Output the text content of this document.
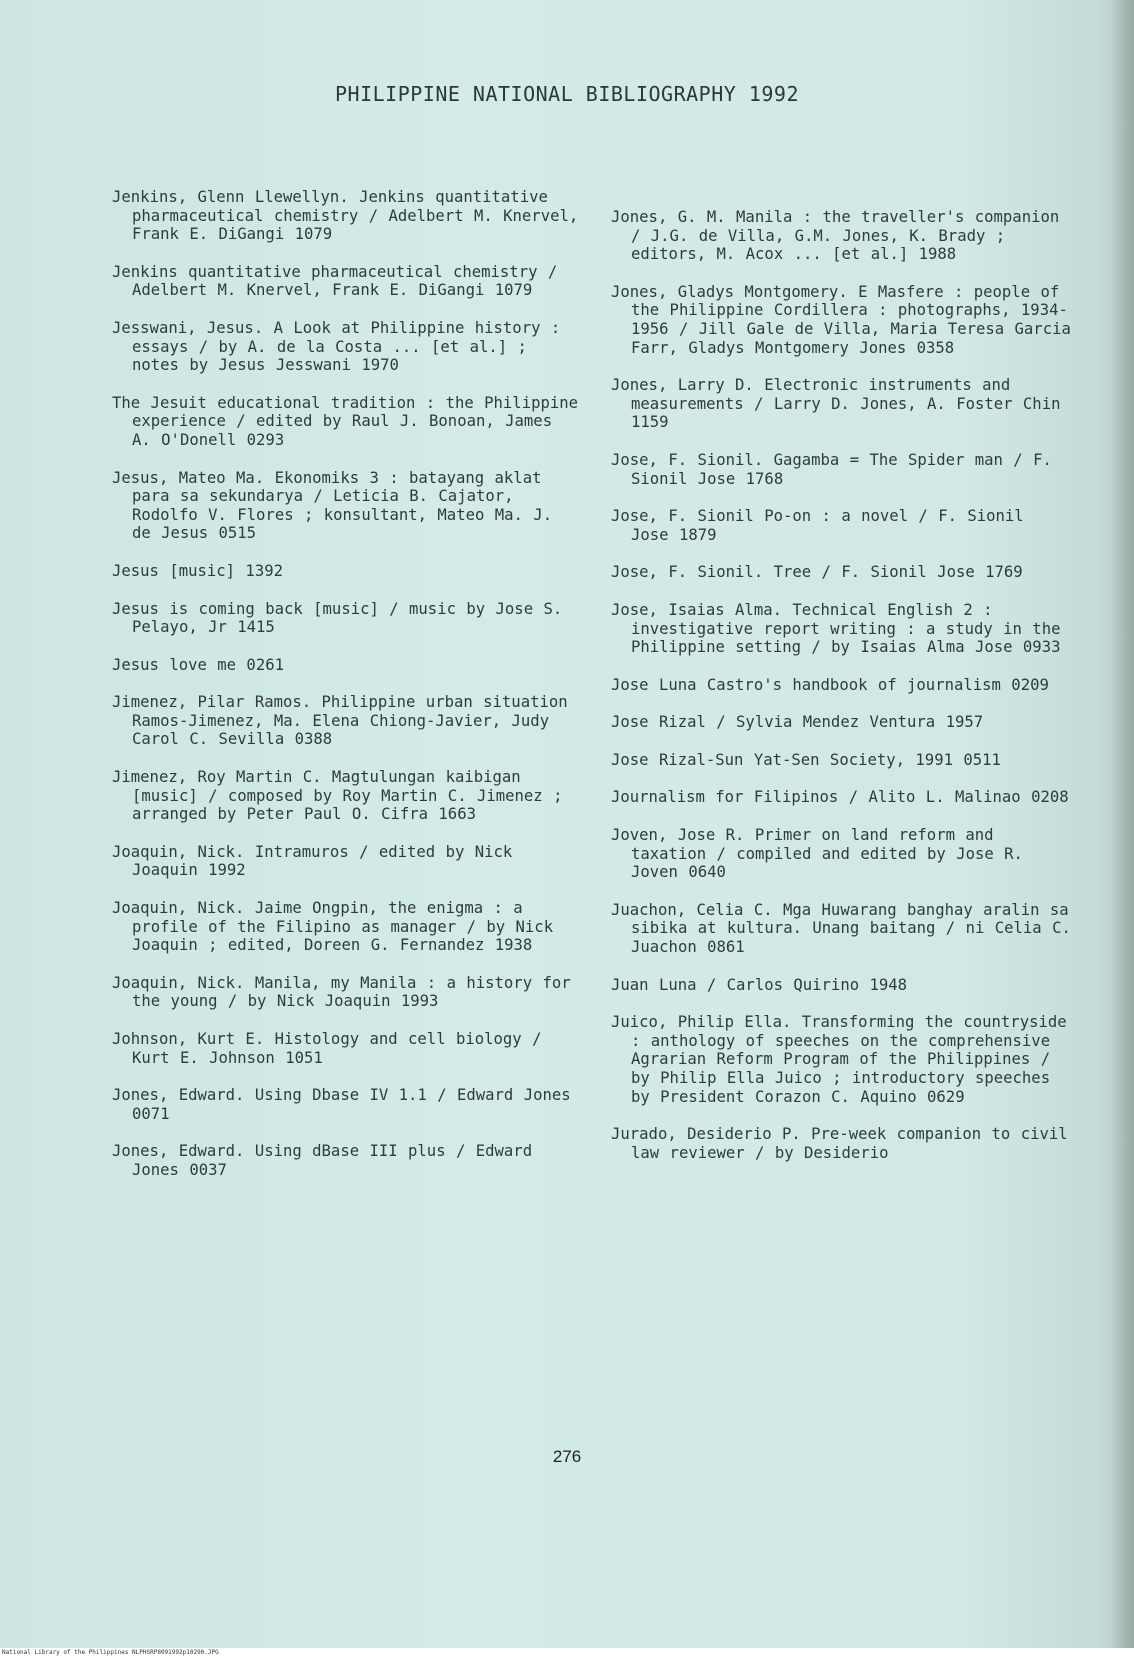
PHILIPPINE NATIONAL BIBLIOGRAPHY 1992
Jenkins, Glenn Llewellyn. Jenkins quantitative pharmaceutical chemistry / Adelbert M. Knervel, Frank E. DiGangi 1079
Jenkins quantitative pharmaceutical chemistry / Adelbert M. Knervel, Frank E. DiGangi 1079
Jesswani, Jesus. A Look at Philippine history : essays / by A. de la Costa ... [et al.] ; notes by Jesus Jesswani 1970
The Jesuit educational tradition : the Philippine experience / edited by Raul J. Bonoan, James A. O'Donell 0293
Jesus, Mateo Ma. Ekonomiks 3 : batayang aklat para sa sekundarya / Leticia B. Cajator, Rodolfo V. Flores ; konsultant, Mateo Ma. J. de Jesus 0515
Jesus [music] 1392
Jesus is coming back [music] / music by Jose S. Pelayo, Jr 1415
Jesus love me 0261
Jimenez, Pilar Ramos. Philippine urban situation Ramos-Jimenez, Ma. Elena Chiong-Javier, Judy Carol C. Sevilla 0388
Jimenez, Roy Martin C. Magtulungan kaibigan [music] / composed by Roy Martin C. Jimenez ; arranged by Peter Paul O. Cifra 1663
Joaquin, Nick. Intramuros / edited by Nick Joaquin 1992
Joaquin, Nick. Jaime Ongpin, the enigma : a profile of the Filipino as manager / by Nick Joaquin ; edited, Doreen G. Fernandez 1938
Joaquin, Nick. Manila, my Manila : a history for the young / by Nick Joaquin 1993
Johnson, Kurt E. Histology and cell biology / Kurt E. Johnson 1051
Jones, Edward. Using Dbase IV 1.1 / Edward Jones 0071
Jones, Edward. Using dBase III plus / Edward Jones 0037
Jones, G. M. Manila : the traveller's companion / J.G. de Villa, G.M. Jones, K. Brady ; editors, M. Acox ... [et al.] 1988
Jones, Gladys Montgomery. E Masfere : people of the Philippine Cordillera : photographs, 1934-1956 / Jill Gale de Villa, Maria Teresa Garcia Farr, Gladys Montgomery Jones 0358
Jones, Larry D. Electronic instruments and measurements / Larry D. Jones, A. Foster Chin 1159
Jose, F. Sionil. Gagamba = The Spider man / F. Sionil Jose 1768
Jose, F. Sionil Po-on : a novel / F. Sionil Jose 1879
Jose, F. Sionil. Tree / F. Sionil Jose 1769
Jose, Isaias Alma. Technical English 2 : investigative report writing : a study in the Philippine setting / by Isaias Alma Jose 0933
Jose Luna Castro's handbook of journalism 0209
Jose Rizal / Sylvia Mendez Ventura 1957
Jose Rizal-Sun Yat-Sen Society, 1991 0511
Journalism for Filipinos / Alito L. Malinao 0208
Joven, Jose R. Primer on land reform and taxation / compiled and edited by Jose R. Joven 0640
Juachon, Celia C. Mga Huwarang banghay aralin sa sibika at kultura. Unang baitang / ni Celia C. Juachon 0861
Juan Luna / Carlos Quirino 1948
Juico, Philip Ella. Transforming the countryside : anthology of speeches on the comprehensive Agrarian Reform Program of the Philippines / by Philip Ella Juico ; introductory speeches by President Corazon C. Aquino 0629
Jurado, Desiderio P. Pre-week companion to civil law reviewer / by Desiderio
276
National Library of the Philippines NLPHSRP8091992p10290.JPG
